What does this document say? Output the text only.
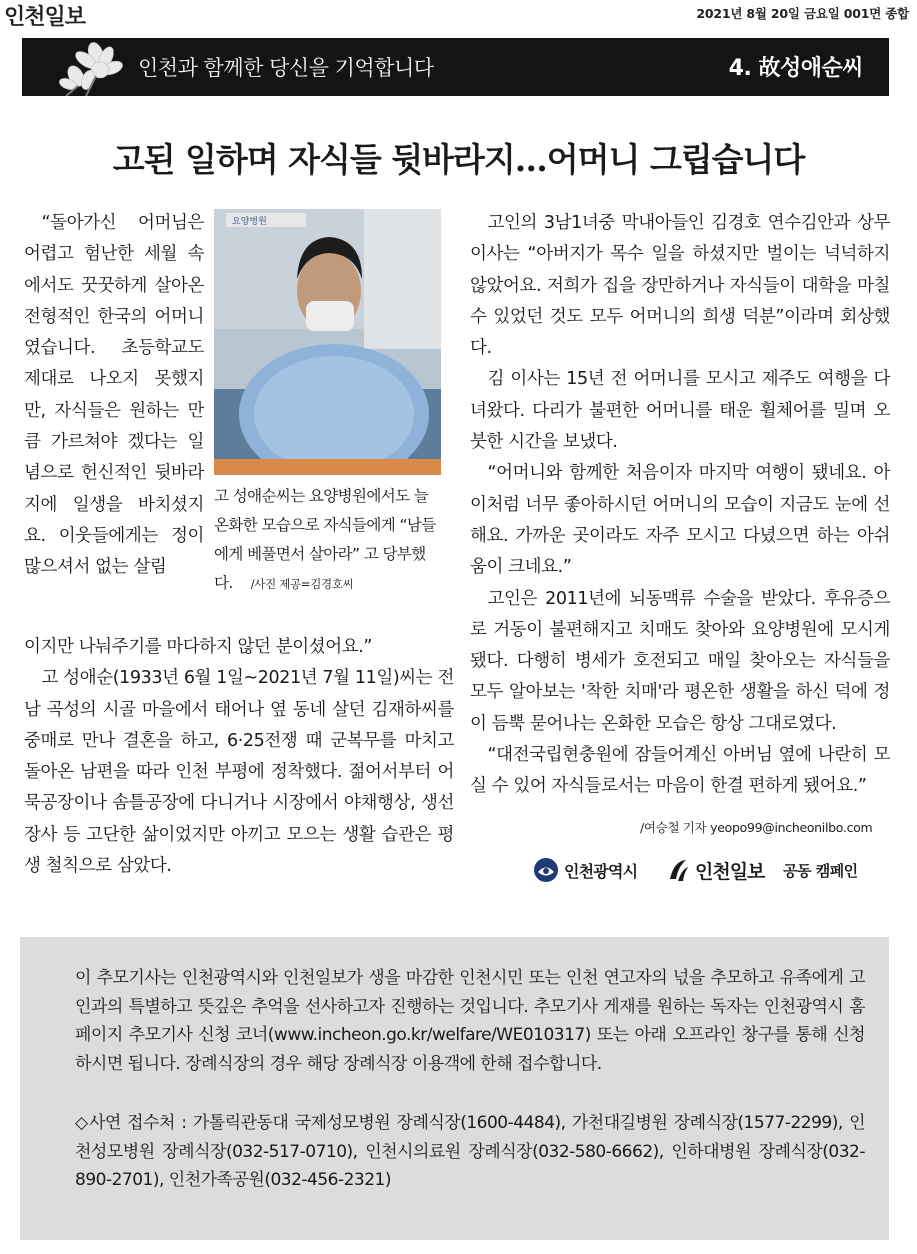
인천일보	2021년 8월 20일 금요일 001면 종합
인천과 함께한 당신을 기억합니다	4. 故성애순씨
고된 일하며 자식들 뒷바라지…어머니 그립습니다

“돌아가신 어머님은 어렵고 험난한 세월 속에서도 꿋꿋하게 살아온 전형적인 한국의 어머니였습니다. 초등학교도 제대로 나오지 못했지만, 자식들은 원하는 만큼 가르쳐야 겠다는 일념으로 헌신적인 뒷바라지에 일생을 바치셨지요. 이웃들에게는 정이 많으셔서 없는 살림

요양병원
고 성애순씨는 요양병원에서도 늘 온화한 모습으로 자식들에게 “남들에게 베풀면서 살아라” 고 당부했다. /사진 제공=김경호씨

이지만 나눠주기를 마다하지 않던 분이셨어요.”

고 성애순(1933년 6월 1일~2021년 7월 11일)씨는 전남 곡성의 시골 마을에서 태어나 옆 동네 살던 김재하씨를 중매로 만나 결혼을 하고, 6·25전쟁 때 군복무를 마치고 돌아온 남편을 따라 인천 부평에 정착했다. 젊어서부터 어묵공장이나 솜틀공장에 다니거나 시장에서 야채행상, 생선장사 등 고단한 삶이었지만 아끼고 모으는 생활 습관은 평생 철칙으로 삼았다.

고인의 3남1녀중 막내아들인 김경호 연수김안과 상무이사는 “아버지가 목수 일을 하셨지만 벌이는 넉넉하지 않았어요. 저희가 집을 장만하거나 자식들이 대학을 마칠 수 있었던 것도 모두 어머니의 희생 덕분”이라며 회상했다.

김 이사는 15년 전 어머니를 모시고 제주도 여행을 다녀왔다. 다리가 불편한 어머니를 태운 휠체어를 밀며 오붓한 시간을 보냈다.

“어머니와 함께한 처음이자 마지막 여행이 됐네요. 아이처럼 너무 좋아하시던 어머니의 모습이 지금도 눈에 선해요. 가까운 곳이라도 자주 모시고 다녔으면 하는 아쉬움이 크네요.”

고인은 2011년에 뇌동맥류 수술을 받았다. 후유증으로 거동이 불편해지고 치매도 찾아와 요양병원에 모시게 됐다. 다행히 병세가 호전되고 매일 찾아오는 자식들을 모두 알아보는 '착한 치매'라 평온한 생활을 하신 덕에 정이 듬뿍 묻어나는 온화한 모습은 항상 그대로였다.

“대전국립현충원에 잠들어계신 아버님 옆에 나란히 모실 수 있어 자식들로서는 마음이 한결 편하게 됐어요.”

/여승철 기자 yeopo99@incheonilbo.com
인천광역시	인천일보 공동 캠페인

이 추모기사는 인천광역시와 인천일보가 생을 마감한 인천시민 또는 인천 연고자의 넋을 추모하고 유족에게 고인과의 특별하고 뜻깊은 추억을 선사하고자 진행하는 것입니다. 추모기사 게재를 원하는 독자는 인천광역시 홈페이지 추모기사 신청 코너(www.incheon.go.kr/welfare/WE010317) 또는 아래 오프라인 창구를 통해 신청하시면 됩니다. 장례식장의 경우 해당 장례식장 이용객에 한해 접수합니다.

◇사연 접수처 : 가톨릭관동대 국제성모병원 장례식장(1600-4484), 가천대길병원 장례식장(1577-2299), 인천성모병원 장례식장(032-517-0710), 인천시의료원 장례식장(032-580-6662), 인하대병원 장례식장(032-890-2701), 인천가족공원(032-456-2321)
